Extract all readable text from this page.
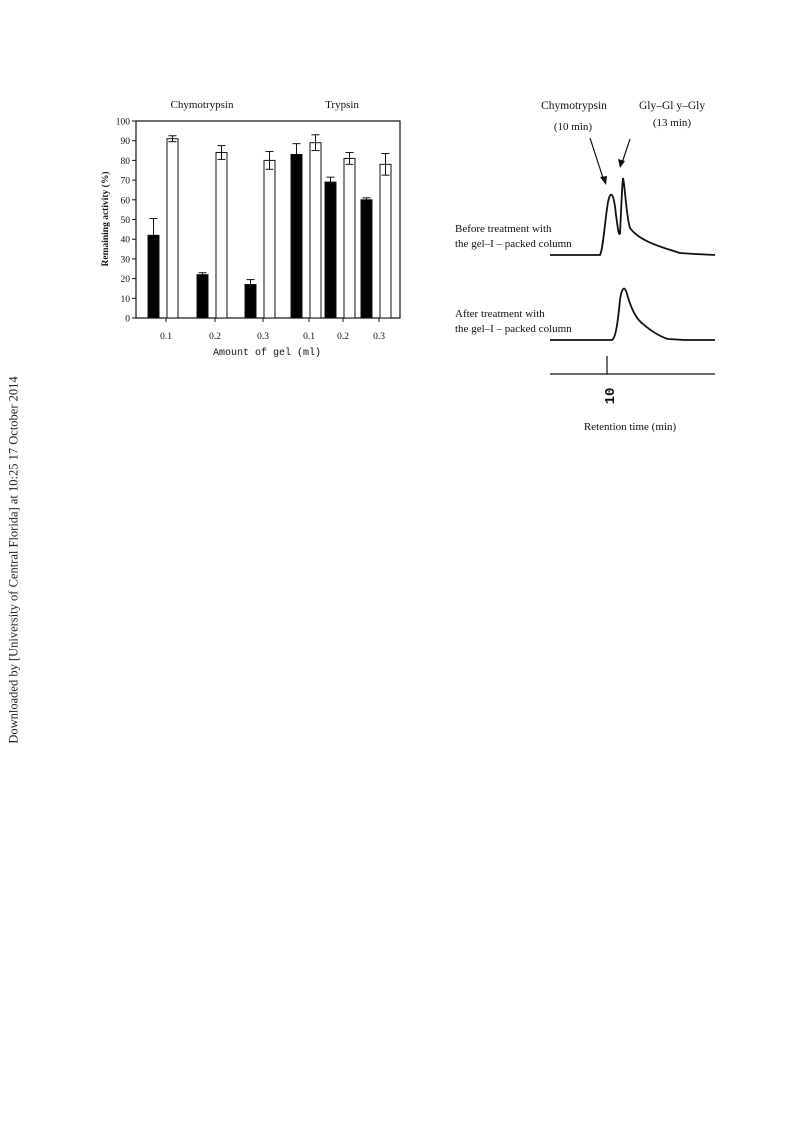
Downloaded by [University of Central Florida] at 10:25 17 October 2014
Chymotrypsin	Trypsin
Remaining activity (%)
Amount of gel (ml)
0
10
20
30
40
50
60
70
80
90
100
0.1	0.2	0.3	0.1 0.2	0.3
Chymotrypsin
(10 min)
Gly–Gl y–Gly
(13 min)
Before treatment with
the gel–I – packed column
After treatment with
the gel–I – packed column
10
Retention time (min)
